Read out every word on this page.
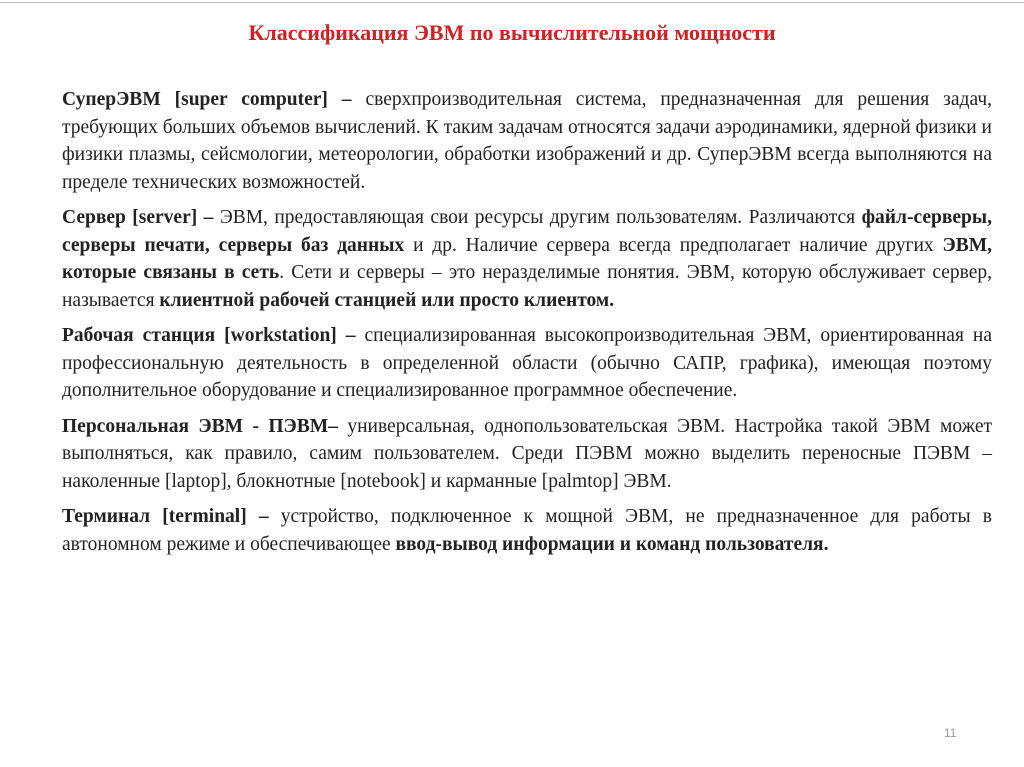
Классификация ЭВМ по вычислительной мощности

СуперЭВМ [super computer] – сверхпроизводительная система, предназначенная для решения задач, требующих больших объемов вычислений. К таким задачам относятся задачи аэродинамики, ядерной физики и физики плазмы, сейсмологии, метеорологии, обработки изображений и др. СуперЭВМ всегда выполняются на пределе технических возможностей.

Сервер [server] – ЭВМ, предоставляющая свои ресурсы другим пользователям. Различаются файл-серверы, серверы печати, серверы баз данных и др. Наличие сервера всегда предполагает наличие других ЭВМ, которые связаны в сеть. Сети и серверы – это неразделимые понятия. ЭВМ, которую обслуживает сервер, называется клиентной рабочей станцией или просто клиентом.

Рабочая станция [workstation] – специализированная высокопроизводительная ЭВМ, ориентированная на профессиональную деятельность в определенной области (обычно САПР, графика), имеющая поэтому дополнительное оборудование и специализированное программное обеспечение.

Персональная ЭВМ - ПЭВМ– универсальная, однопользовательская ЭВМ. Настройка такой ЭВМ может выполняться, как правило, самим пользователем. Среди ПЭВМ можно выделить переносные ПЭВМ – наколенные [laptop], блокнотные [notebook] и карманные [palmtop] ЭВМ.

Терминал [terminal] – устройство, подключенное к мощной ЭВМ, не предназначенное для работы в автономном режиме и обеспечивающее ввод-вывод информации и команд пользователя.

11
